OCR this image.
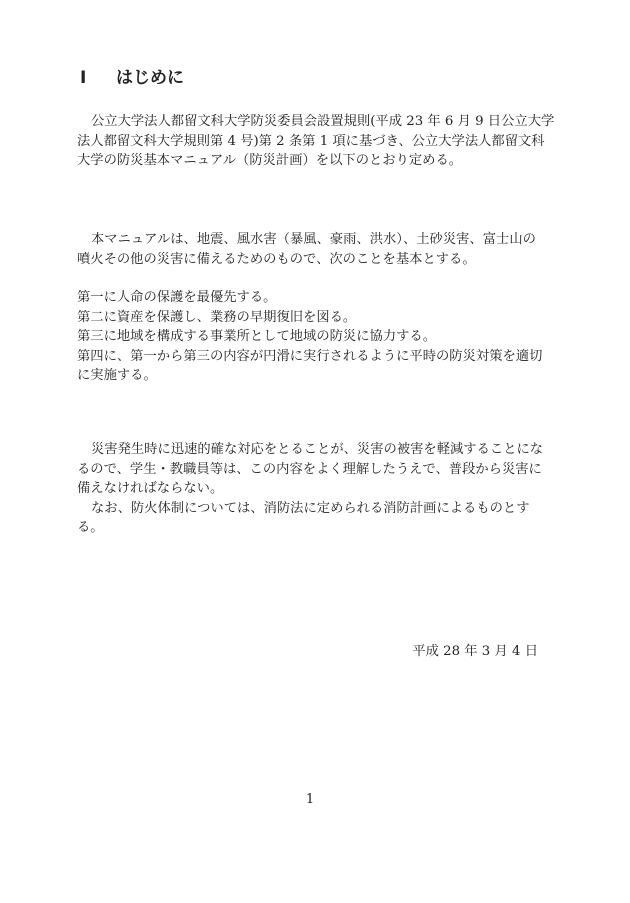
Ⅰ はじめに
公立大学法人都留文科大学防災委員会設置規則(平成 23 年 6 月 9 日公立大学
法人都留文科大学規則第 4 号)第 2 条第 1 項に基づき、公立大学法人都留文科
大学の防災基本マニュアル（防災計画）を以下のとおり定める。
本マニュアルは、地震、風水害（暴風、豪雨、洪水）、土砂災害、富士山の
噴火その他の災害に備えるためのもので、次のことを基本とする。
第一に人命の保護を最優先する。
第二に資産を保護し、業務の早期復旧を図る。
第三に地域を構成する事業所として地域の防災に協力する。
第四に、第一から第三の内容が円滑に実行されるように平時の防災対策を適切
に実施する。
災害発生時に迅速的確な対応をとることが、災害の被害を軽減することにな
るので、学生・教職員等は、この内容をよく理解したうえで、普段から災害に
備えなければならない。
なお、防火体制については、消防法に定められる消防計画によるものとす
る。
平成 28 年 3 月 4 日
1
